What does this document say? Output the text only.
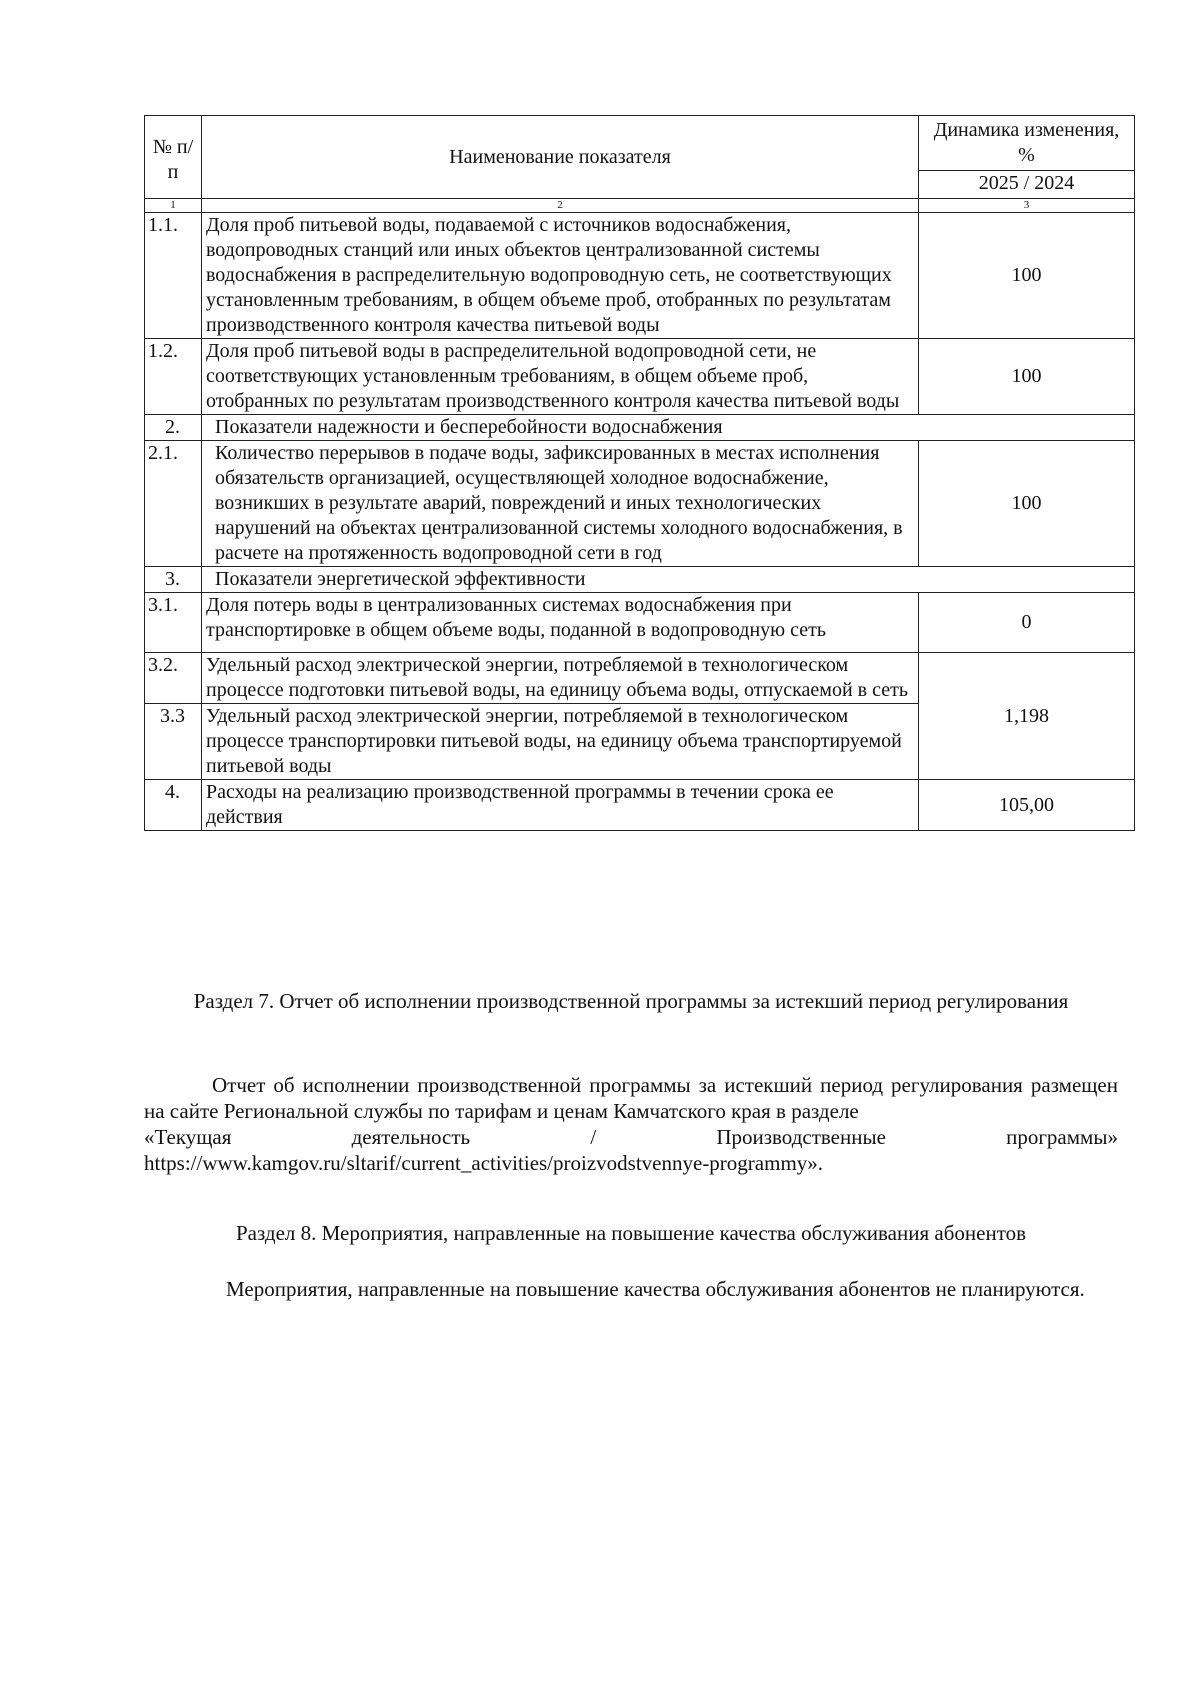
№ п/п	Наименование показателя	Динамика изменения, %
		2025 / 2024
1	2	3
1.1.	Доля проб питьевой воды, подаваемой с источников водоснабжения, водопроводных станций или иных объектов централизованной системы водоснабжения в распределительную водопроводную сеть, не соответствующих установленным требованиям, в общем объеме проб, отобранных по результатам производственного контроля качества питьевой воды	100
1.2.	Доля проб питьевой воды в распределительной водопроводной сети, не соответствующих установленным требованиям, в общем объеме проб, отобранных по результатам производственного контроля качества питьевой воды	100
2.	Показатели надежности и бесперебойности водоснабжения	
2.1.	Количество перерывов в подаче воды, зафиксированных в местах исполнения обязательств организацией, осуществляющей холодное водоснабжение, возникших в результате аварий, повреждений и иных технологических нарушений на объектах централизованной системы холодного водоснабжения, в расчете на протяженность водопроводной сети в год	100
3.	Показатели энергетической эффективности	
3.1.	Доля потерь воды в централизованных системах водоснабжения при транспортировке в общем объеме воды, поданной в водопроводную сеть	0
3.2.	Удельный расход электрической энергии, потребляемой в технологическом процессе подготовки питьевой воды, на единицу объема воды, отпускаемой в сеть	1,198
3.3	Удельный расход электрической энергии, потребляемой в технологическом процессе транспортировки питьевой воды, на единицу объема транспортируемой питьевой воды	
4.	Расходы на реализацию производственной программы в течении срока ее действия	105,00
Раздел 7. Отчет об исполнении производственной программы за истекший период регулирования
Отчет об исполнении производственной программы за истекший период регулирования размещен на сайте Региональной службы по тарифам и ценам Камчатского края в разделе
«Текущая	деятельность	/	Производственные	программы»
https://www.kamgov.ru/sltarif/current_activities/proizvodstvennye-programmy».
Раздел 8. Мероприятия, направленные на повышение качества обслуживания абонентов
Мероприятия, направленные на повышение качества обслуживания абонентов не планируются.
